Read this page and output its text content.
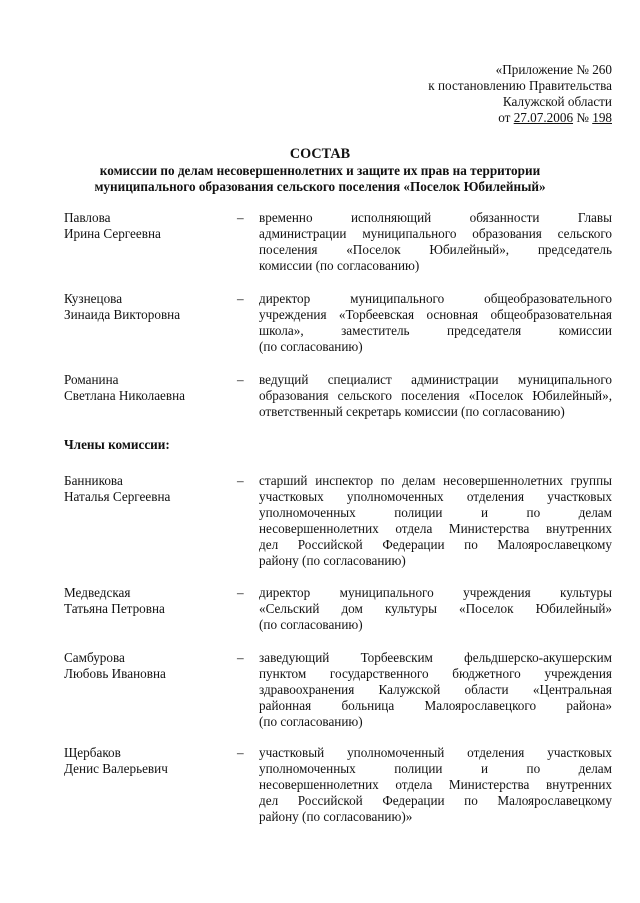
«Приложение № 260
к постановлению Правительства
Калужской области
от 27.07.2006 № 198
СОСТАВ
комиссии по делам несовершеннолетних и защите их прав на территории
муниципального образования сельского поселения «Поселок Юбилейный»
Павлова
Ирина Сергеевна
– временно исполняющий обязанности Главы
администрации муниципального образования сельского
поселения «Поселок Юбилейный», председатель
комиссии (по согласованию)
Кузнецова
Зинаида Викторовна
– директор муниципального общеобразовательного
учреждения «Торбеевская основная общеобразовательная
школа», заместитель председателя комиссии
(по согласованию)
Романина
Светлана Николаевна
– ведущий специалист администрации муниципального
образования сельского поселения «Поселок Юбилейный»,
ответственный секретарь комиссии (по согласованию)
Члены комиссии:
Банникова
Наталья Сергеевна
– старший инспектор по делам несовершеннолетних группы
участковых уполномоченных отделения участковых
уполномоченных полиции и по делам
несовершеннолетних отдела Министерства внутренних
дел Российской Федерации по Малоярославецкому
району (по согласованию)
Медведская
Татьяна Петровна
– директор муниципального учреждения культуры
«Сельский дом культуры «Поселок Юбилейный»
(по согласованию)
Самбурова
Любовь Ивановна
– заведующий Торбеевским фельдшерско-акушерским
пунктом государственного бюджетного учреждения
здравоохранения Калужской области «Центральная
районная больница Малоярославецкого района»
(по согласованию)
Щербаков
Денис Валерьевич
– участковый уполномоченный отделения участковых
уполномоченных полиции и по делам
несовершеннолетних отдела Министерства внутренних
дел Российской Федерации по Малоярославецкому
району (по согласованию)»
